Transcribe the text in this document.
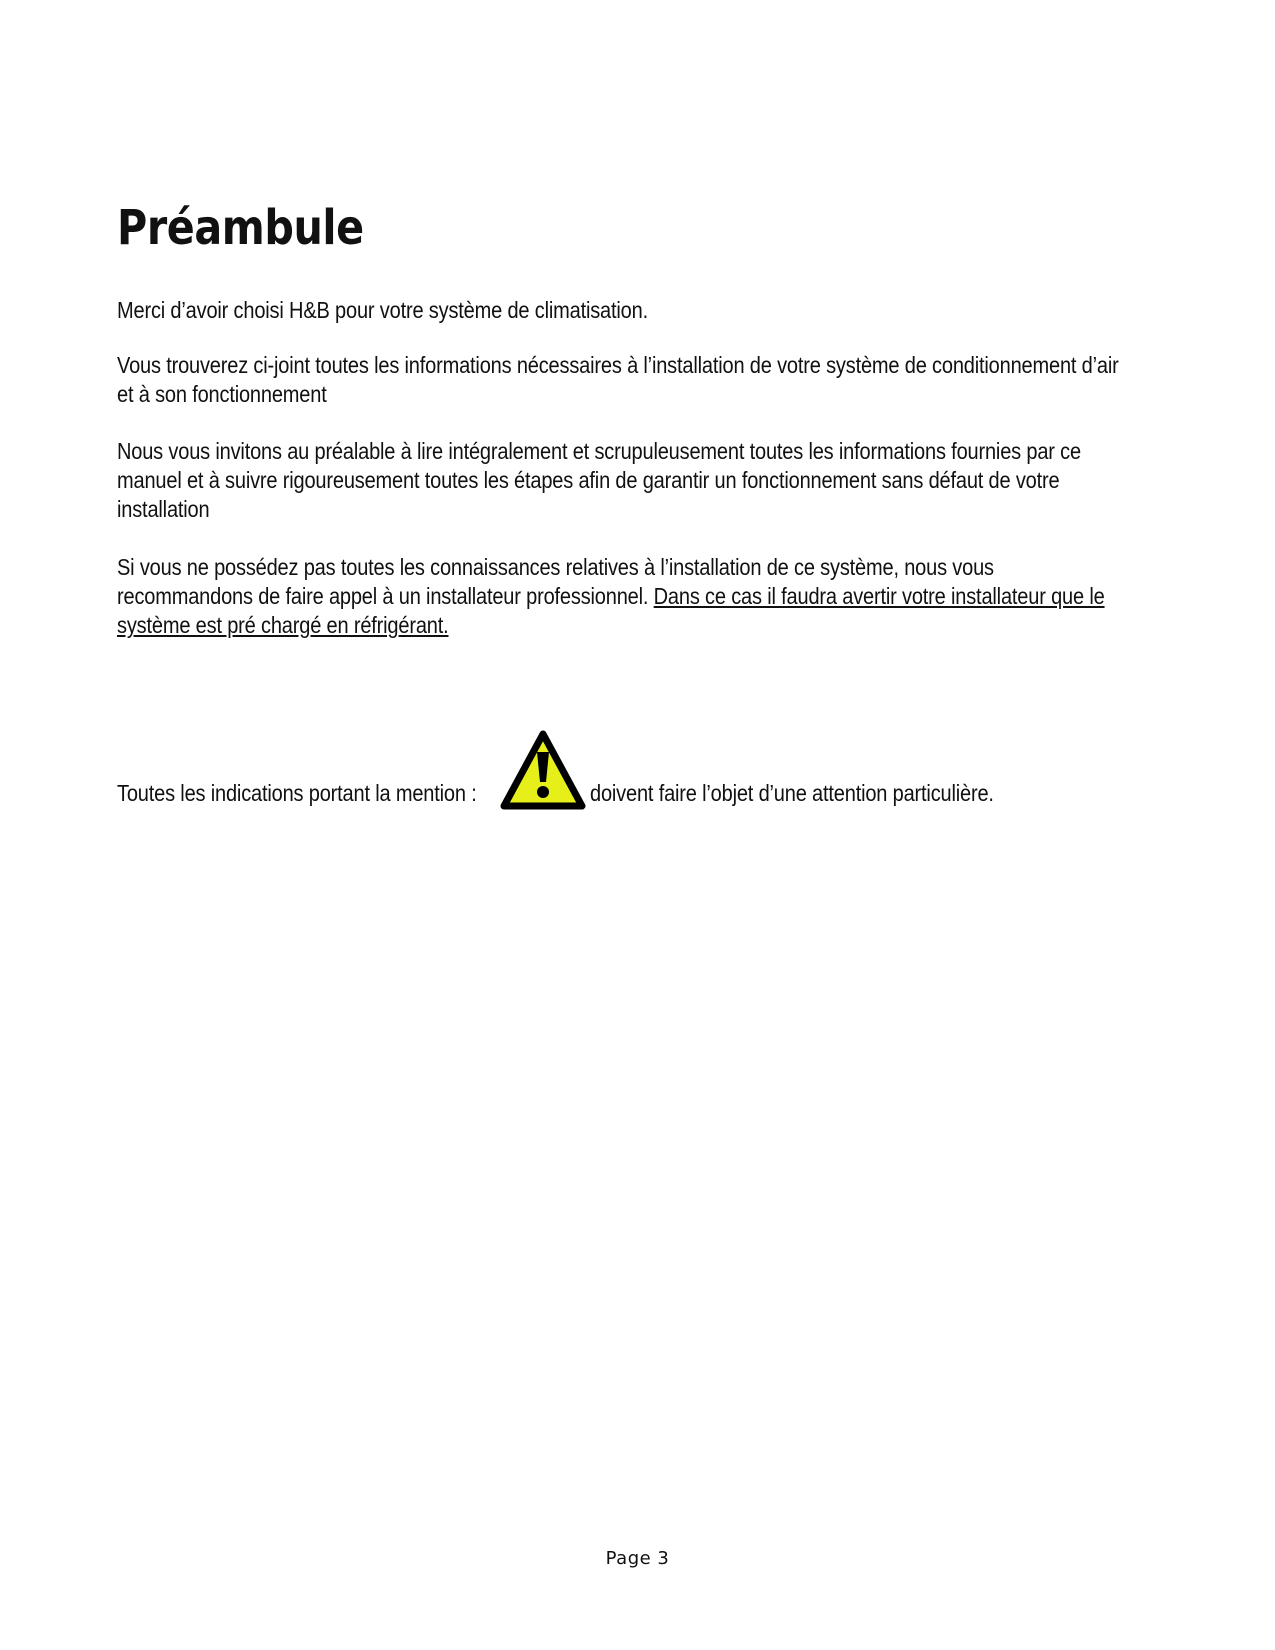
Préambule

Merci d’avoir choisi H&B pour votre système de climatisation.

Vous trouverez ci-joint toutes les informations nécessaires à l’installation de votre système de conditionnement d’air et à son fonctionnement

Nous vous invitons au préalable à lire intégralement et scrupuleusement toutes les informations fournies par ce manuel et à suivre rigoureusement toutes les étapes afin de garantir un fonctionnement sans défaut de votre installation

Si vous ne possédez pas toutes les connaissances relatives à l’installation de ce système, nous vous recommandons de faire appel à un installateur professionnel. Dans ce cas il faudra avertir votre installateur que le système est pré chargé en réfrigérant.

Toutes les indications portant la mention :	doivent faire l’objet d’une attention particulière.
Page 3
